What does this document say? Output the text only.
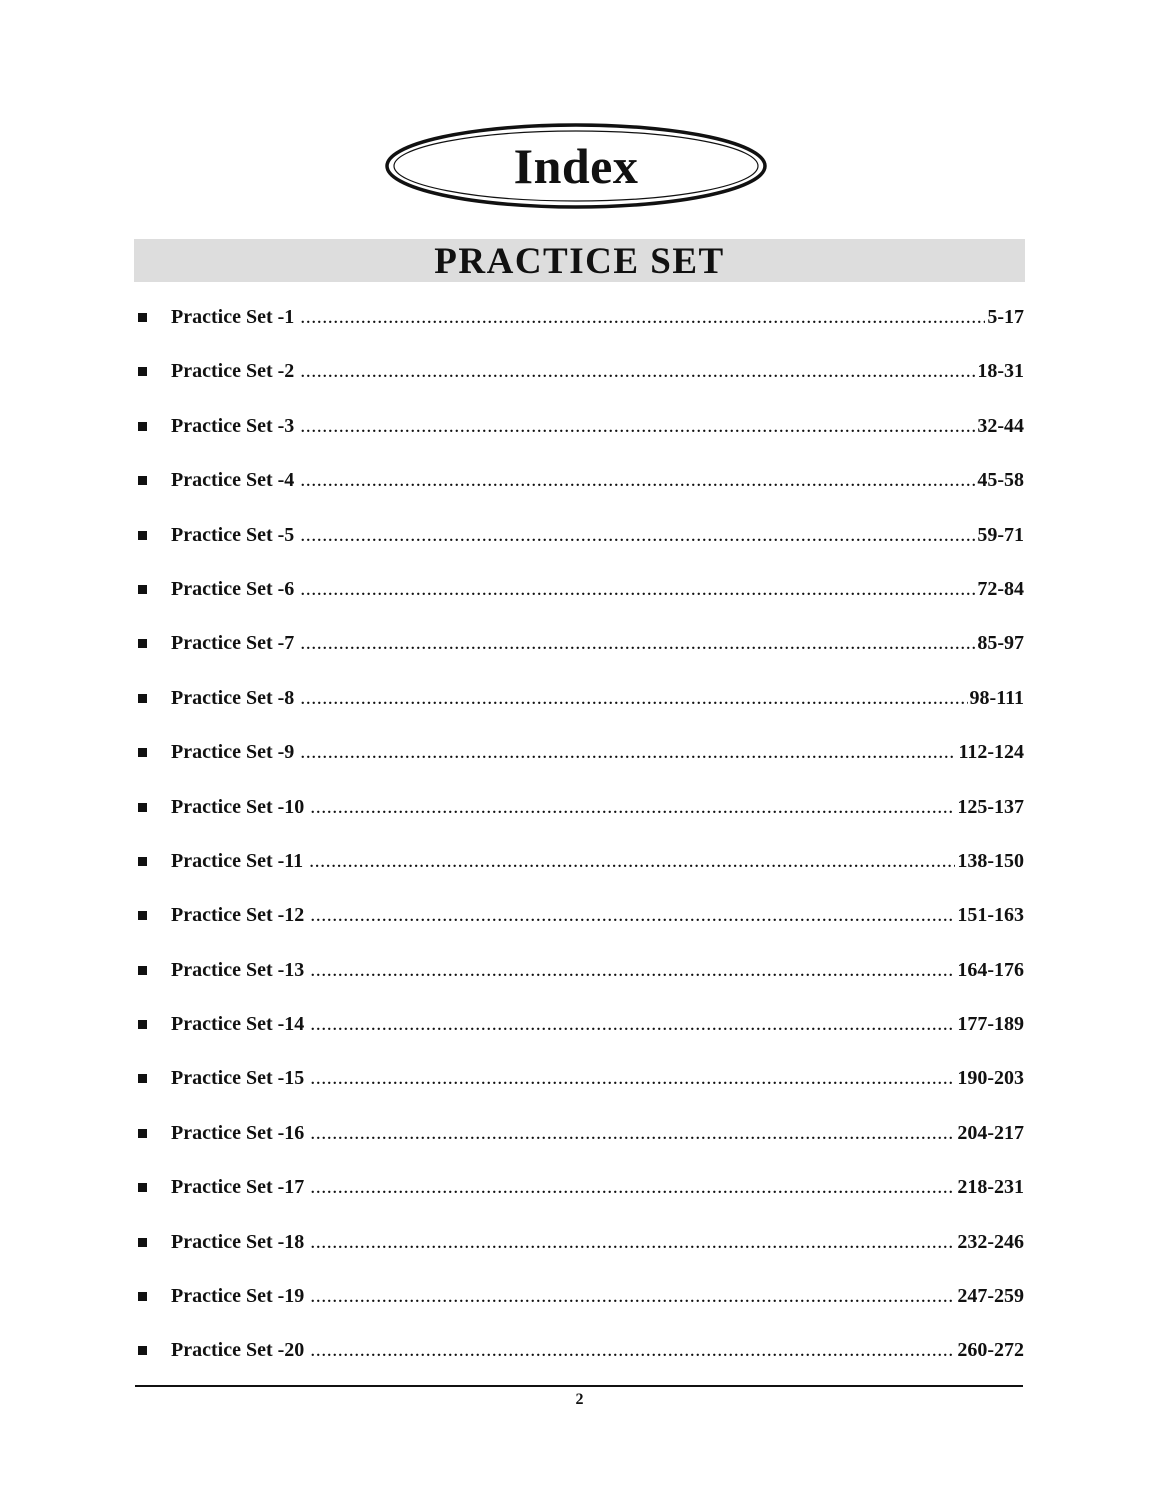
Index
PRACTICE SET
Practice Set -1 .....	5-17
Practice Set -2 .....	18-31
Practice Set -3 .....	32-44
Practice Set -4 .....	45-58
Practice Set -5 .....	59-71
Practice Set -6 .....	72-84
Practice Set -7 .....	85-97
Practice Set -8 .....	98-111
Practice Set -9 .....	112-124
Practice Set -10 .....	125-137
Practice Set -11 .....	138-150
Practice Set -12 .....	151-163
Practice Set -13 .....	164-176
Practice Set -14 .....	177-189
Practice Set -15 .....	190-203
Practice Set -16 .....	204-217
Practice Set -17 .....	218-231
Practice Set -18 .....	232-246
Practice Set -19 .....	247-259
Practice Set -20 .....	260-272
2
